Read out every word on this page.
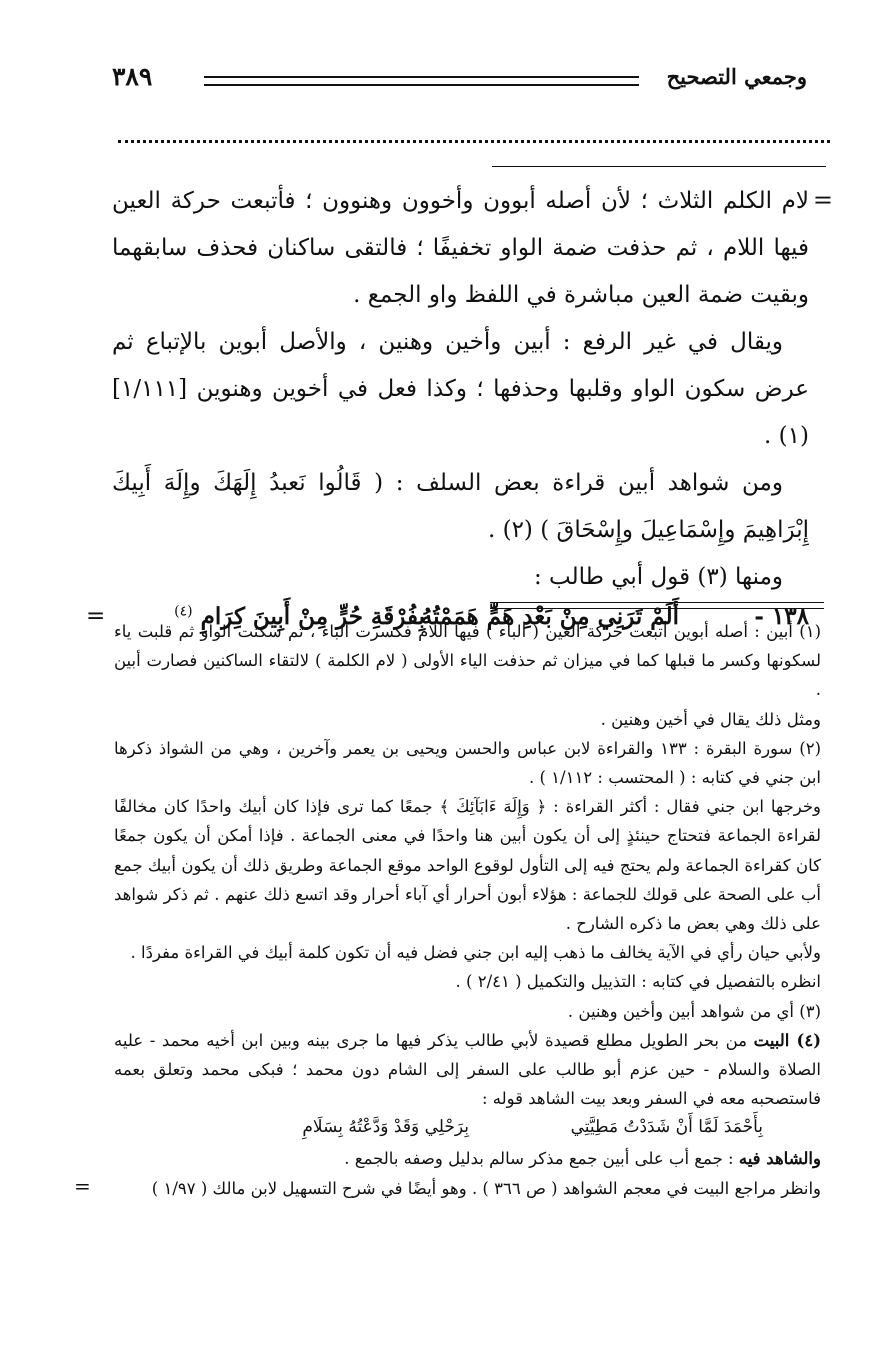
وجمعي التصحيح
٣٨٩
=

لام الكلم الثلاث ؛ لأن أصله أبوون وأخوون وهنوون ؛ فأتبعت حركة العين فيها اللام ، ثم حذفت ضمة الواو تخفيفًا ؛ فالتقى ساكنان فحذف سابقهما وبقيت ضمة العين مباشرة في اللفظ واو الجمع .

ويقال في غير الرفع : أبين وأخين وهنين ، والأصل أبوين بالإتباع ثم عرض سكون الواو وقلبها وحذفها ؛ وكذا فعل في أخوين وهنوين [١/١١١] (١) .

ومن شواهد أبين قراءة بعض السلف : ( قَالُوا نَعبدُ إِلَهَكَ وإِلَهَ أَبِيكَ إِبْرَاهِيمَ وإِسْمَاعِيلَ وإِسْحَاقَ ) (٢) .

ومنها (٣) قول أبي طالب :

١٣٨ -
أَلَمْ تَرَنِي مِنْ بَعْدِ هَمٍّ هَمَمْتُهُ
بِفُرْقَةِ حُرٍّ مِنْ أَبِينَ كِرَامِ $^{(٤)}$
=

(١) أبين : أصله أبوين أتبعت حركة العين ( الباء ) فيها اللام فكسرت الباء ، ثم سكنت الواو ثم قلبت ياء لسكونها وكسر ما قبلها كما في ميزان ثم حذفت الياء الأولى ( لام الكلمة ) لالتقاء الساكنين فصارت أبين .

ومثل ذلك يقال في أخين وهنين .

(٢) سورة البقرة : ١٣٣ والقراءة لابن عباس والحسن ويحيى بن يعمر وآخرين ، وهي من الشواذ ذكرها ابن جني في كتابه : ( المحتسب : ١/١١٢ ) .

وخرجها ابن جني فقال : أكثر القراءة : ﴿ وَإِلَهَ ءَابَآئِكَ ﴾ جمعًا كما ترى فإذا كان أبيك واحدًا كان مخالفًا لقراءة الجماعة فتحتاج حينئذٍ إلى أن يكون أبين هنا واحدًا في معنى الجماعة . فإذا أمكن أن يكون جمعًا كان كقراءة الجماعة ولم يحتج فيه إلى التأول لوقوع الواحد موقع الجماعة وطريق ذلك أن يكون أبيك جمع أب على الصحة على قولك للجماعة : هؤلاء أبون أحرار أي آباء أحرار وقد اتسع ذلك عنهم . ثم ذكر شواهد على ذلك وهي بعض ما ذكره الشارح .

ولأبي حيان رأي في الآية يخالف ما ذهب إليه ابن جني فضل فيه أن تكون كلمة أبيك في القراءة مفردًا .

انظره بالتفصيل في كتابه : التذييل والتكميل ( ٢/٤١ ) .

(٣) أي من شواهد أبين وأخين وهنين .

(٤) البيت من بحر الطويل مطلع قصيدة لأبي طالب يذكر فيها ما جرى بينه وبين ابن أخيه محمد - عليه الصلاة والسلام - حين عزم أبو طالب على السفر إلى الشام دون محمد ؛ فبكى محمد وتعلق بعمه فاستصحبه معه في السفر وبعد بيت الشاهد قوله :

بِأَحْمَدَ لَمَّا أَنْ شَدَدْتُ مَطِيَّتِي
بِرَحْلِي وَقَدْ وَدَّعْتُهُ بِسَلَامِ

والشاهد فيه : جمع أب على أبين جمع مذكر سالم بدليل وصفه بالجمع .

وانظر مراجع البيت في معجم الشواهد ( ص ٣٦٦ ) . وهو أيضًا في شرح التسهيل لابن مالك ( ١/٩٧ )
=
